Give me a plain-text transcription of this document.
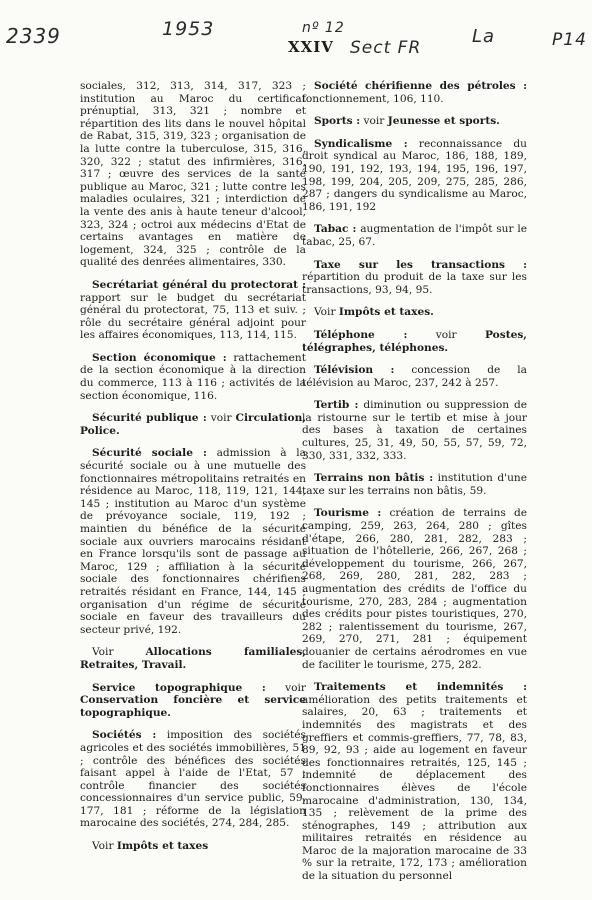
2339	1953	nº 12
Sect FR
La	P14
XXIV

sociales, 312, 313, 314, 317, 323 ; institution au Maroc du certificat prénuptial, 313, 321 ; nombre et répartition des lits dans le nouvel hôpital de Rabat, 315, 319, 323 ; organisation de la lutte contre la tuberculose, 315, 316, 320, 322 ; statut des infirmières, 316, 317 ; œuvre des services de la santé publique au Maroc, 321 ; lutte contre les maladies oculaires, 321 ; interdiction de la vente des anis à haute teneur d'alcool, 323, 324 ; octroi aux médecins d'Etat de certains avantages en matière de logement, 324, 325 ; contrôle de la qualité des denrées alimentaires, 330.

Secrétariat général du protectorat : rapport sur le budget du secrétariat général du protectorat, 75, 113 et suiv. ; rôle du secrétaire général adjoint pour les affaires économiques, 113, 114, 115.

Section économique : rattachement de la section économique à la direction du commerce, 113 à 116 ; activités de la section économique, 116.

Sécurité publique : voir Circulation, Police.

Sécurité sociale : admission à la sécurité sociale ou à une mutuelle des fonctionnaires métropolitains retraités en résidence au Maroc, 118, 119, 121, 144, 145 ; institution au Maroc d'un système de prévoyance sociale, 119, 192 ; maintien du bénéfice de la sécurité sociale aux ouvriers marocains résidant en France lorsqu'ils sont de passage au Maroc, 129 ; affiliation à la sécurité sociale des fonctionnaires chérifiens retraités résidant en France, 144, 145 ; organisation d'un régime de sécurité sociale en faveur des travailleurs du secteur privé, 192.

Voir Allocations familiales, Retraites, Travail.

Service topographique : voir Conservation foncière et service topographique.

Sociétés : imposition des sociétés agricoles et des sociétés immobilières, 51 ; contrôle des bénéfices des sociétés faisant appel à l'aide de l'Etat, 57 ; contrôle financier des sociétés concessionnaires d'un service public, 59, 177, 181 ; réforme de la législation marocaine des sociétés, 274, 284, 285.

Voir Impôts et taxes

Société chérifienne des pétroles : fonctionnement, 106, 110.

Sports : voir Jeunesse et sports.

Syndicalisme : reconnaissance du droit syndical au Maroc, 186, 188, 189, 190, 191, 192, 193, 194, 195, 196, 197, 198, 199, 204, 205, 209, 275, 285, 286, 287 ; dangers du syndicalisme au Maroc, 186, 191, 192

Tabac : augmentation de l'impôt sur le tabac, 25, 67.

Taxe sur les transactions : répartition du produit de la taxe sur les transactions, 93, 94, 95.

Voir Impôts et taxes.

Téléphone : voir Postes, télégraphes, téléphones.

Télévision : concession de la télévision au Maroc, 237, 242 à 257.

Tertib : diminution ou suppression de la ristourne sur le tertib et mise à jour des bases à taxation de certaines cultures, 25, 31, 49, 50, 55, 57, 59, 72, 330, 331, 332, 333.

Terrains non bâtis : institution d'une taxe sur les terrains non bâtis, 59.

Tourisme : création de terrains de camping, 259, 263, 264, 280 ; gîtes d'étape, 266, 280, 281, 282, 283 ; situation de l'hôtellerie, 266, 267, 268 ; développement du tourisme, 266, 267, 268, 269, 280, 281, 282, 283 ; augmentation des crédits de l'office du tourisme, 270, 283, 284 ; augmentation des crédits pour pistes touristiques, 270, 282 ; ralentissement du tourisme, 267, 269, 270, 271, 281 ; équipement douanier de certains aérodromes en vue de faciliter le tourisme, 275, 282.

Traitements et indemnités : amélioration des petits traitements et salaires, 20, 63 ; traitements et indemnités des magistrats et des greffiers et commis-greffiers, 77, 78, 83, 89, 92, 93 ; aide au logement en faveur des fonctionnaires retraités, 125, 145 ; indemnité de déplacement des fonctionnaires élèves de l'école marocaine d'administration, 130, 134, 135 ; relèvement de la prime des sténographes, 149 ; attribution aux militaires retraités en résidence au Maroc de la majoration marocaine de 33 % sur la retraite, 172, 173 ; amélioration de la situation du personnel
